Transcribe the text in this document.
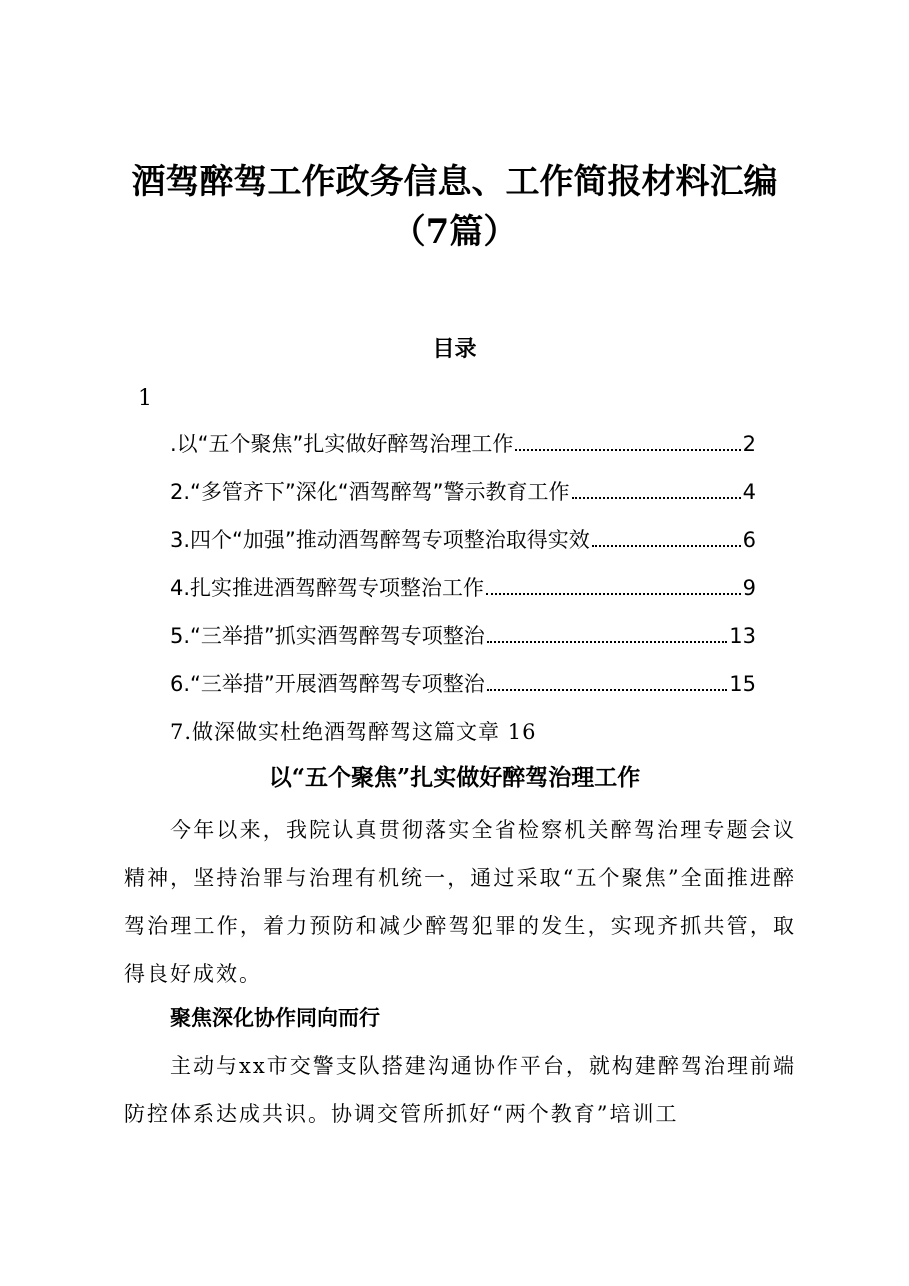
酒驾醉驾工作政务信息、工作简报材料汇编
（7篇）
目录
1
.以“五个聚焦”扎实做好醉驾治理工作	2
2.“多管齐下”深化“酒驾醉驾”警示教育工作	4
3.四个“加强”推动酒驾醉驾专项整治取得实效	6
4.扎实推进酒驾醉驾专项整治工作	9
5.“三举措”抓实酒驾醉驾专项整治	13
6.“三举措”开展酒驾醉驾专项整治	15
7.做深做实杜绝酒驾醉驾这篇文章 16
以“五个聚焦”扎实做好醉驾治理工作
今年以来，我院认真贯彻落实全省检察机关醉驾治理专题会议精神，坚持治罪与治理有机统一，通过采取“五个聚焦”全面推进醉驾治理工作，着力预防和减少醉驾犯罪的发生，实现齐抓共管，取得良好成效。
聚焦深化协作同向而行
主动与xx市交警支队搭建沟通协作平台，就构建醉驾治理前端防控体系达成共识。协调交管所抓好“两个教育”培训工
